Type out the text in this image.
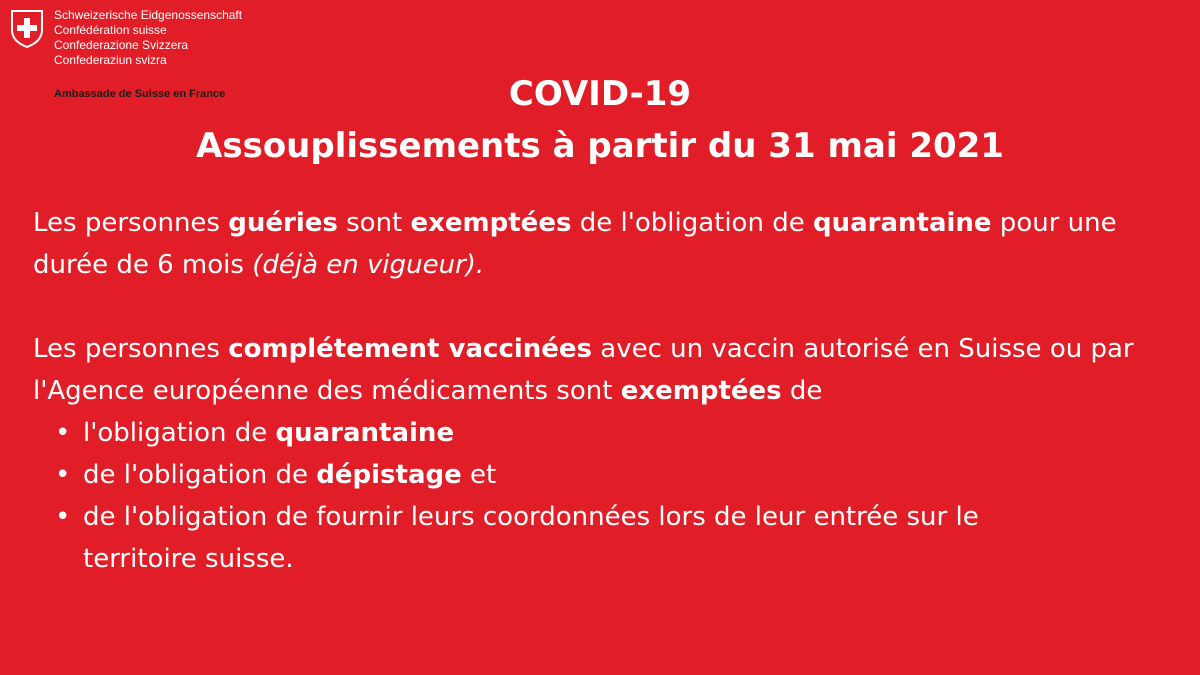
Schweizerische Eidgenossenschaft
Confédération suisse
Confederazione Svizzera
Confederaziun svizra
Ambassade de Suisse en France	COVID-19
Assouplissements à partir du 31 mai 2021

Les personnes guéries sont exemptées de l'obligation de quarantaine pour une durée de 6 mois (déjà en vigueur).

Les personnes complétement vaccinées avec un vaccin autorisé en Suisse ou par l'Agence européenne des médicaments sont exemptées de

• l'obligation de quarantaine
• de l'obligation de dépistage et
• de l'obligation de fournir leurs coordonnées lors de leur entrée sur le territoire suisse.
